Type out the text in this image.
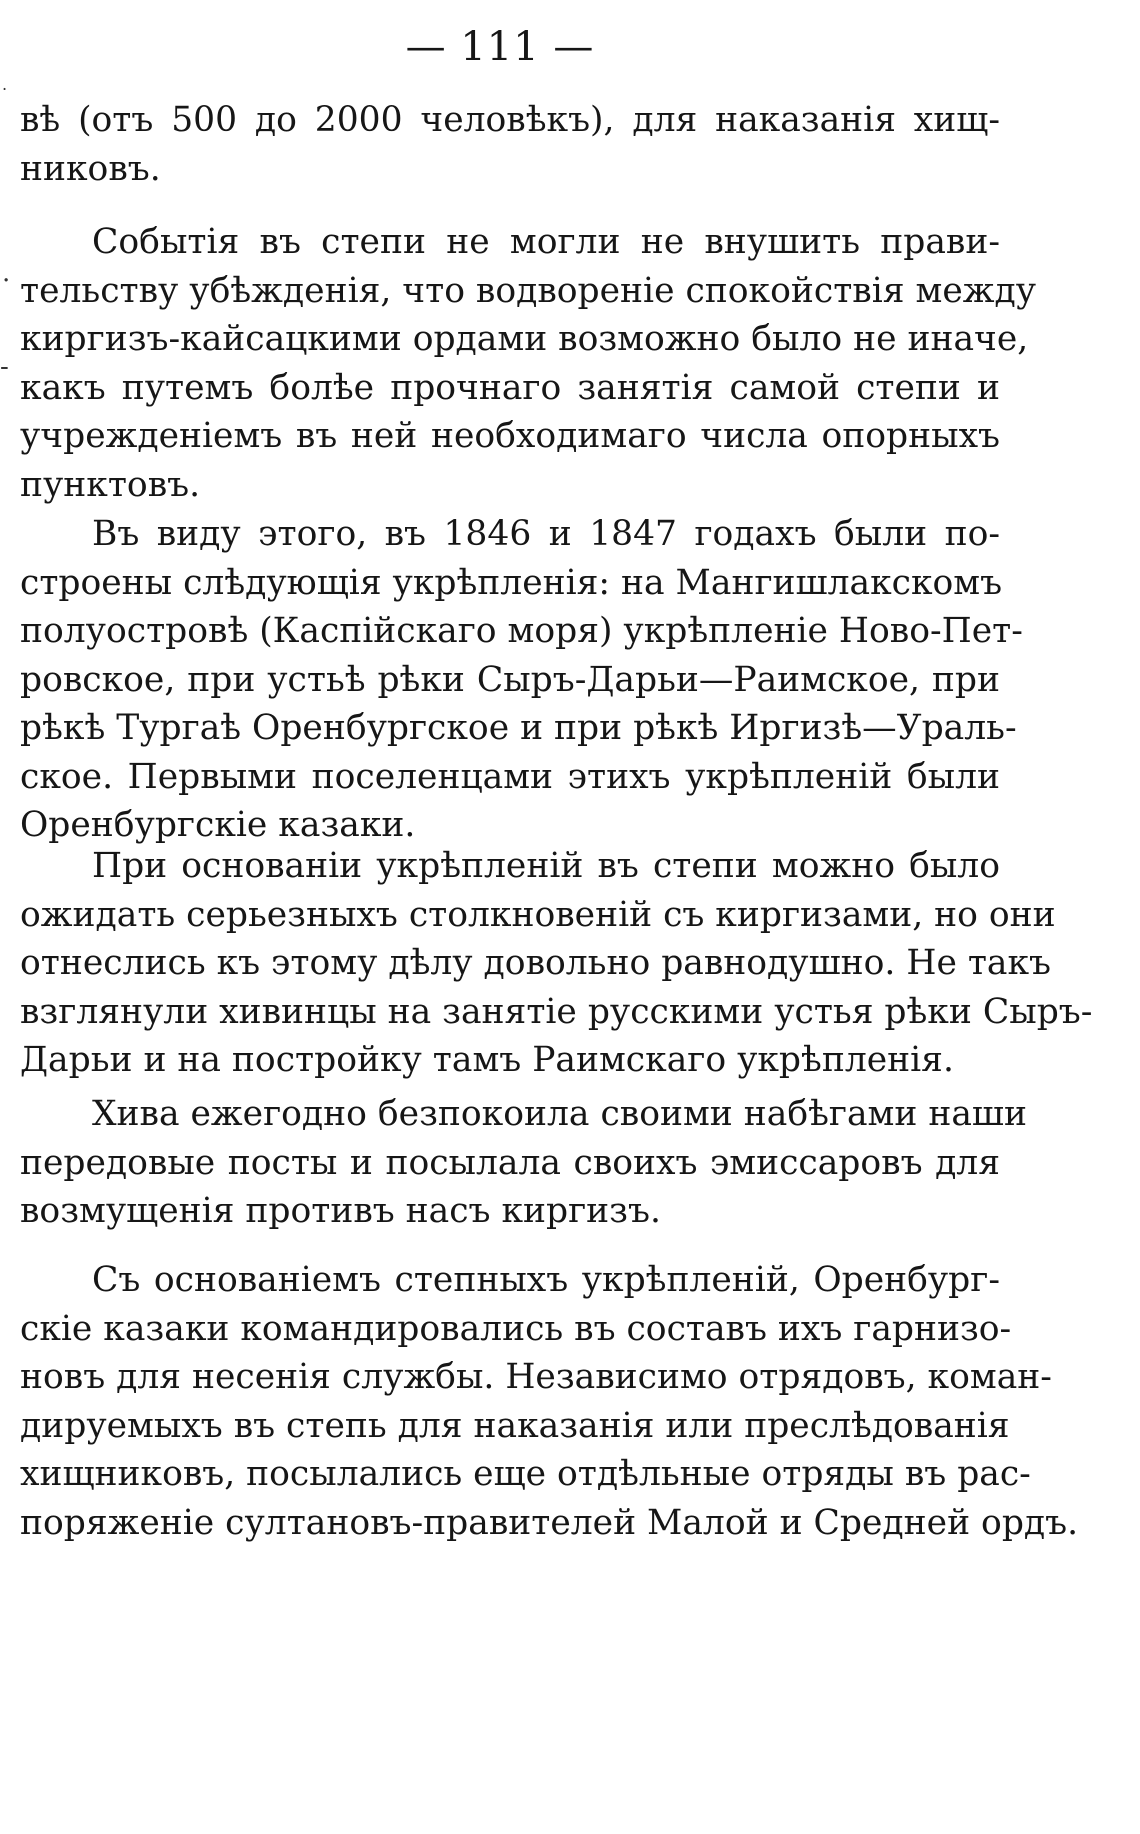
— 111 —
.
́.
-
вѣ (отъ 500 до 2000 человѣкъ), для наказанія хищ-
никовъ.
Событія въ степи не могли не внушить прави-
тельству убѣжденія, что водвореніе спокойствія между
киргизъ-кайсацкими ордами возможно было не иначе,
какъ путемъ болѣе прочнаго занятія самой степи и
учрежденіемъ въ ней необходимаго числа опорныхъ
пунктовъ.
Въ виду этого, въ 1846 и 1847 годахъ были по-
строены слѣдующія укрѣпленія: на Мангишлакскомъ
полуостровѣ (Каспійскаго моря) укрѣпленіе Ново-Пет-
ровское, при устьѣ рѣки Сыръ-Дарьи—Раимское, при
рѣкѣ Тургаѣ Оренбургское и при рѣкѣ Иргизѣ—Ураль-
ское. Первыми поселенцами этихъ укрѣпленій были
Оренбургскіе казаки.
При основаніи укрѣпленій въ степи можно было
ожидать серьезныхъ столкновеній съ киргизами, но они
отнеслись къ этому дѣлу довольно равнодушно. Не такъ
взглянули хивинцы на занятіе русскими устья рѣки Сыръ-
Дарьи и на постройку тамъ Раимскаго укрѣпленія.
Хива ежегодно безпокоила своими набѣгами наши
передовые посты и посылала своихъ эмиссаровъ для
возмущенія противъ насъ киргизъ.
Съ основаніемъ степныхъ укрѣпленій, Оренбург-
скіе казаки командировались въ составъ ихъ гарнизо-
новъ для несенія службы. Независимо отрядовъ, коман-
дируемыхъ въ степь для наказанія или преслѣдованія
хищниковъ, посылались еще отдѣльные отряды въ рас-
поряженіе султановъ-правителей Малой и Средней ордъ.
